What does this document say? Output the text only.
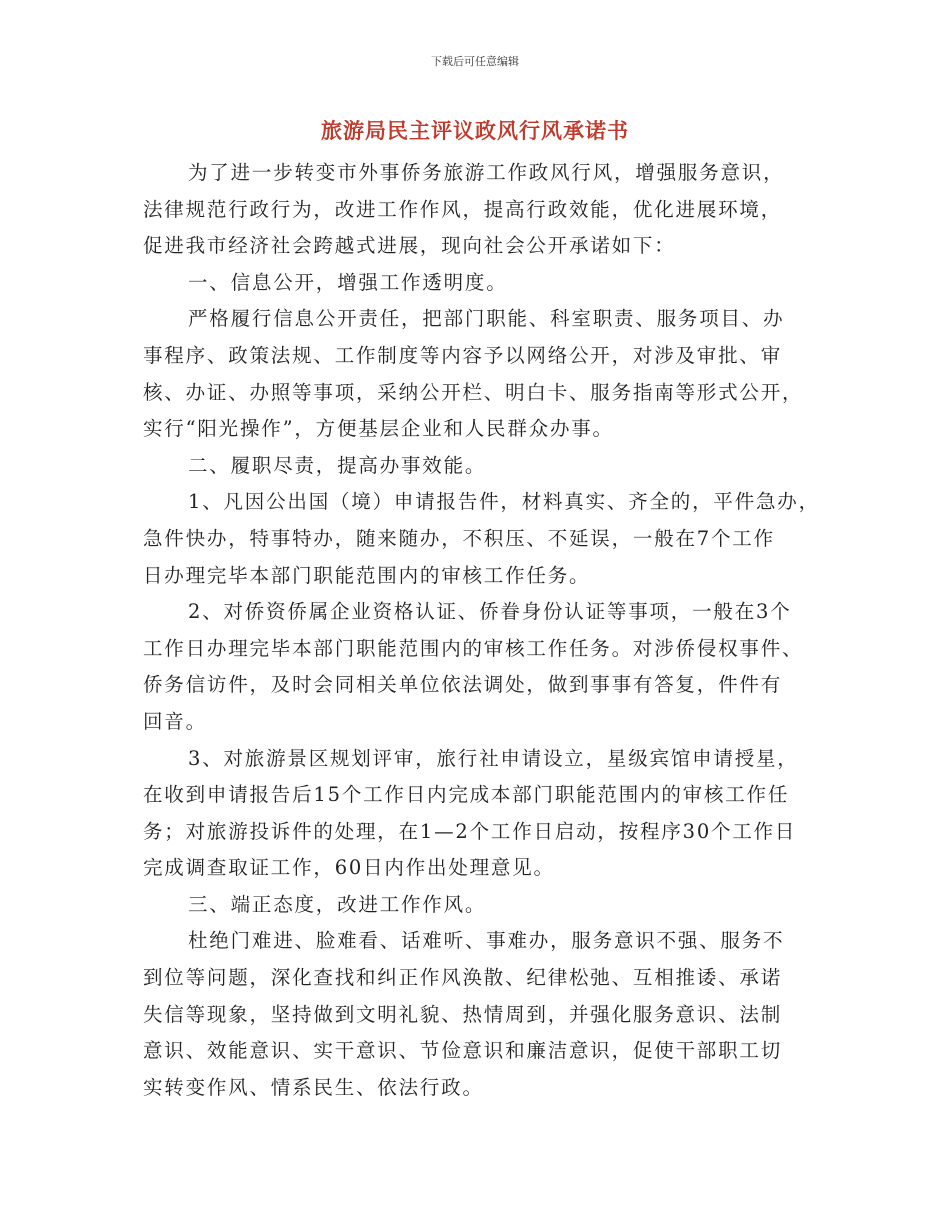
下载后可任意编辑
旅游局民主评议政风行风承诺书
为了进一步转变市外事侨务旅游工作政风行风，增强服务意识，
法律规范行政行为，改进工作作风，提高行政效能，优化进展环境，
促进我市经济社会跨越式进展，现向社会公开承诺如下：
一、信息公开，增强工作透明度。
严格履行信息公开责任，把部门职能、科室职责、服务项目、办
事程序、政策法规、工作制度等内容予以网络公开，对涉及审批、审
核、办证、办照等事项，采纳公开栏、明白卡、服务指南等形式公开，
实行“阳光操作”，方便基层企业和人民群众办事。
二、履职尽责，提高办事效能。
1、凡因公出国（境）申请报告件，材料真实、齐全的，平件急办，
急件快办，特事特办，随来随办，不积压、不延误，一般在7个工作
日办理完毕本部门职能范围内的审核工作任务。
2、对侨资侨属企业资格认证、侨眷身份认证等事项，一般在3个
工作日办理完毕本部门职能范围内的审核工作任务。对涉侨侵权事件、
侨务信访件，及时会同相关单位依法调处，做到事事有答复，件件有
回音。
3、对旅游景区规划评审，旅行社申请设立，星级宾馆申请授星，
在收到申请报告后15个工作日内完成本部门职能范围内的审核工作任
务；对旅游投诉件的处理，在1—2个工作日启动，按程序30个工作日
完成调查取证工作，60日内作出处理意见。
三、端正态度，改进工作作风。
杜绝门难进、脸难看、话难听、事难办，服务意识不强、服务不
到位等问题，深化查找和纠正作风涣散、纪律松弛、互相推诿、承诺
失信等现象，坚持做到文明礼貌、热情周到，并强化服务意识、法制
意识、效能意识、实干意识、节俭意识和廉洁意识，促使干部职工切
实转变作风、情系民生、依法行政。
